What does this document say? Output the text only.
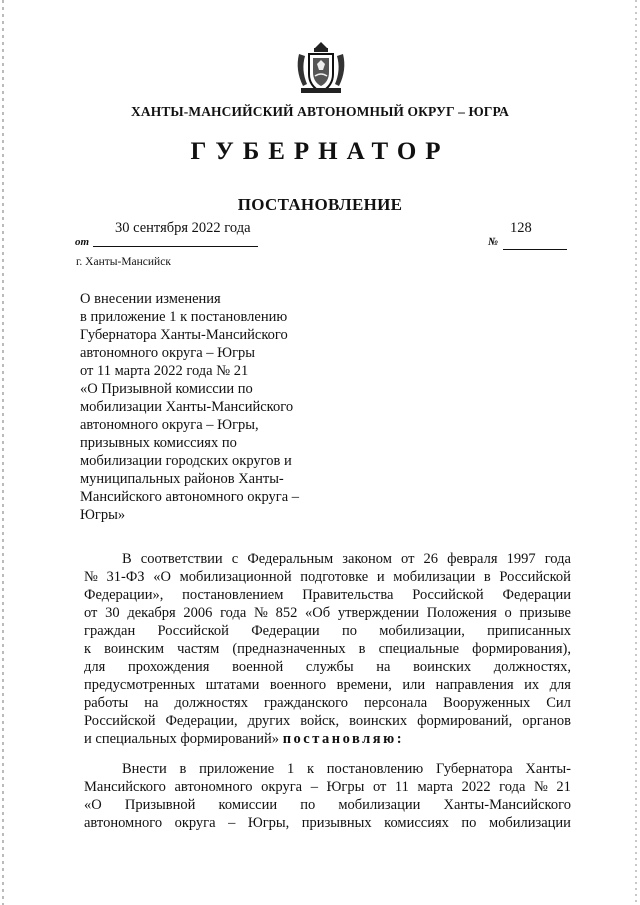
ХАНТЫ-МАНСИЙСКИЙ АВТОНОМНЫЙ ОКРУГ – ЮГРА
ГУБЕРНАТОР
ПОСТАНОВЛЕНИЕ
от
30 сентября 2022 года
№
128
г. Ханты-Мансийск
О внесении изменения
в приложение 1 к постановлению
Губернатора Ханты-Мансийского
автономного округа – Югры
от 11 марта 2022 года № 21
«О Призывной комиссии по
мобилизации Ханты-Мансийского
автономного округа – Югры,
призывных комиссиях по
мобилизации городских округов и
муниципальных районов Ханты-
Мансийского автономного округа –
Югры»
В соответствии с Федеральным законом от 26 февраля 1997 года
№ 31-ФЗ «О мобилизационной подготовке и мобилизации в Российской
Федерации», постановлением Правительства Российской Федерации
от 30 декабря 2006 года № 852 «Об утверждении Положения о призыве
граждан Российской Федерации по мобилизации, приписанных
к воинским частям (предназначенных в специальные формирования),
для прохождения военной службы на воинских должностях,
предусмотренных штатами военного времени, или направления их для
работы на должностях гражданского персонала Вооруженных Сил
Российской Федерации, других войск, воинских формирований, органов
и специальных формирований»
постановляю:
Внести в приложение 1 к постановлению Губернатора Ханты-
Мансийского автономного округа – Югры от 11 марта 2022 года № 21
«О Призывной комиссии по мобилизации Ханты-Мансийского
автономного округа – Югры, призывных комиссиях по мобилизации
